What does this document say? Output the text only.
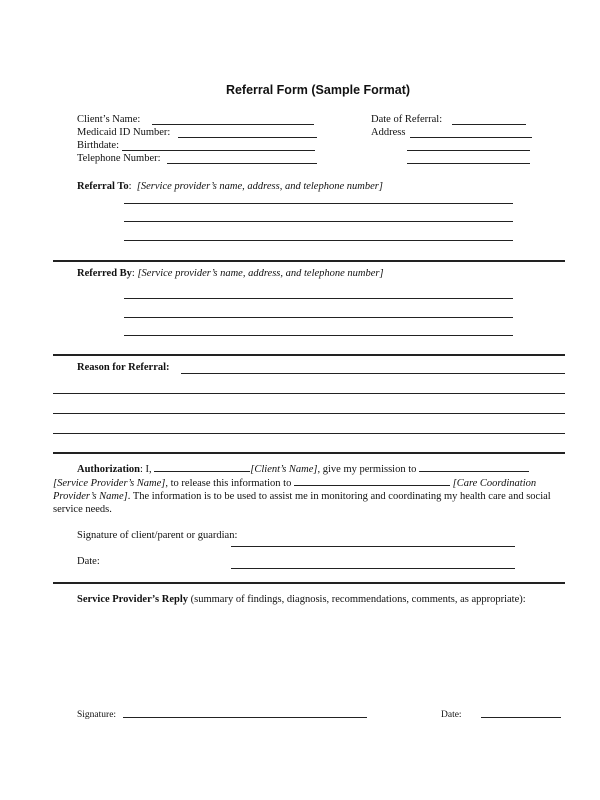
Referral Form (Sample Format)
Client’s Name:
Medicaid ID Number:
Birthdate:
Telephone Number:
Date of Referral:
Address
Referral To: [Service provider’s name, address, and telephone number]
Referred By: [Service provider’s name, address, and telephone number]
Reason for Referral:
Authorization: I,	[Client’s Name], give my permission to  [Service Provider’s Name], to release this information to	[Care Coordination Provider’s Name]. The information is to be used to assist me in monitoring and coordinating my health care and social service needs.
Signature of client/parent or guardian:
Date:
Service Provider’s Reply (summary of findings, diagnosis, recommendations, comments, as appropriate):
Signature:	Date:
